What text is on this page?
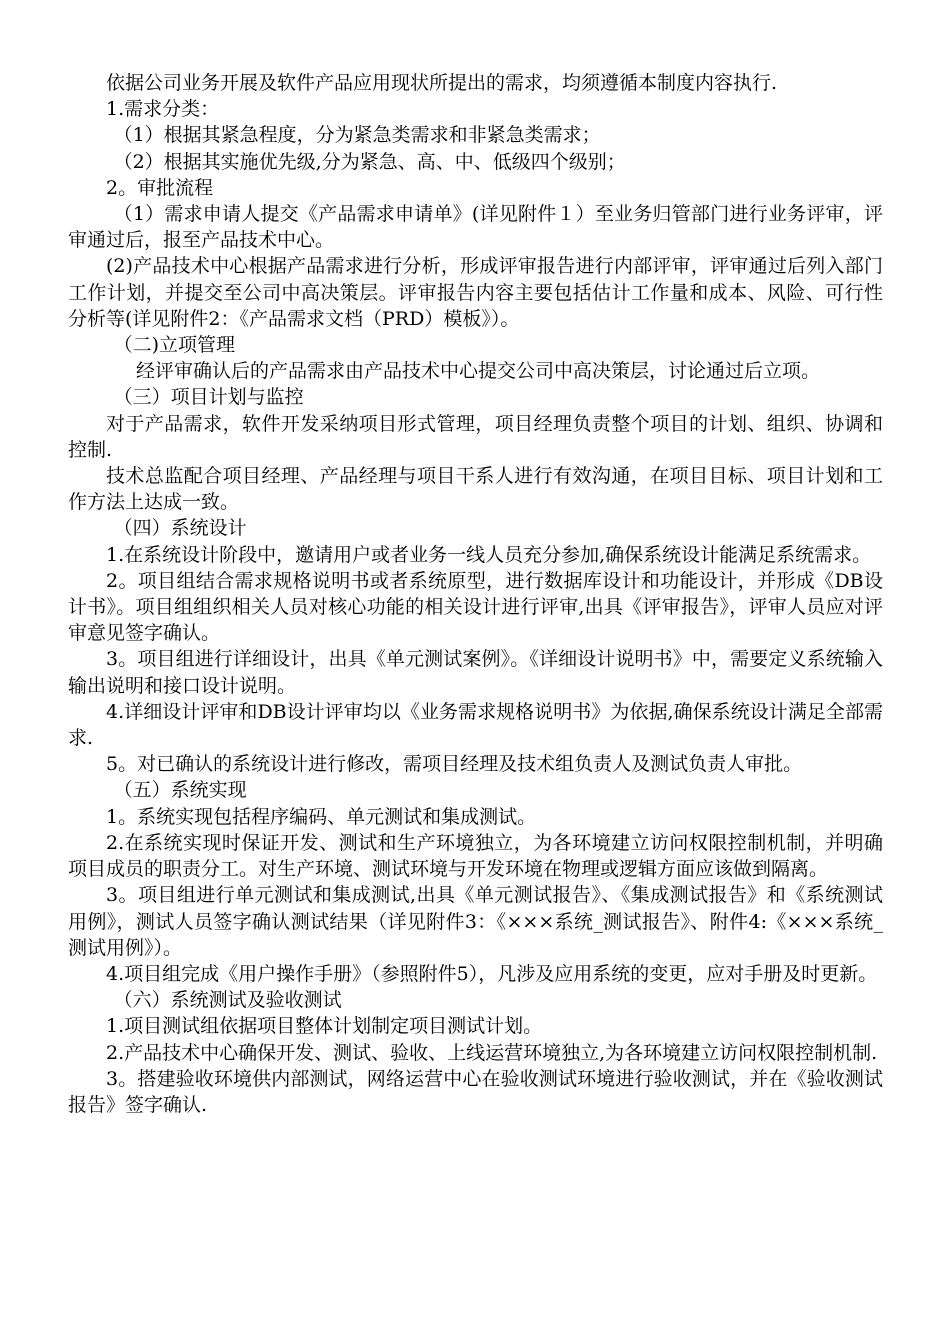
依据公司业务开展及软件产品应用现状所提出的需求，均须遵循本制度内容执行.

1.需求分类：

（1）根据其紧急程度，分为紧急类需求和非紧急类需求；

（2）根据其实施优先级,分为紧急、高、中、低级四个级别；

2。审批流程

（1）需求申请人提交《产品需求申请单》(详见附件１）至业务归管部门进行业务评审，评审通过后，报至产品技术中心。

(2)产品技术中心根据产品需求进行分析，形成评审报告进行内部评审，评审通过后列入部门工作计划，并提交至公司中高决策层。评审报告内容主要包括估计工作量和成本、风险、可行性分析等(详见附件2：《产品需求文档（PRD）模板》）。

（二)立项管理

经评审确认后的产品需求由产品技术中心提交公司中高决策层，讨论通过后立项。

（三）项目计划与监控

对于产品需求，软件开发采纳项目形式管理，项目经理负责整个项目的计划、组织、协调和控制.

技术总监配合项目经理、产品经理与项目干系人进行有效沟通，在项目目标、项目计划和工作方法上达成一致。

（四）系统设计

1.在系统设计阶段中，邀请用户或者业务一线人员充分参加,确保系统设计能满足系统需求。

2。项目组结合需求规格说明书或者系统原型，进行数据库设计和功能设计，并形成《DB设计书》。项目组组织相关人员对核心功能的相关设计进行评审,出具《评审报告》，评审人员应对评审意见签字确认。

3。项目组进行详细设计，出具《单元测试案例》。《详细设计说明书》中，需要定义系统输入输出说明和接口设计说明。

4.详细设计评审和DB设计评审均以《业务需求规格说明书》为依据,确保系统设计满足全部需求.

5。对已确认的系统设计进行修改，需项目经理及技术组负责人及测试负责人审批。

（五）系统实现

1。系统实现包括程序编码、单元测试和集成测试。

2.在系统实现时保证开发、测试和生产环境独立，为各环境建立访问权限控制机制，并明确项目成员的职责分工。对生产环境、测试环境与开发环境在物理或逻辑方面应该做到隔离。

3。项目组进行单元测试和集成测试,出具《单元测试报告》、《集成测试报告》和《系统测试用例》，测试人员签字确认测试结果（详见附件3：《×××系统_测试报告》、附件4:《×××系统_测试用例》）。

4.项目组完成《用户操作手册》（参照附件5），凡涉及应用系统的变更，应对手册及时更新。

（六）系统测试及验收测试

1.项目测试组依据项目整体计划制定项目测试计划。

2.产品技术中心确保开发、测试、验收、上线运营环境独立,为各环境建立访问权限控制机制.

3。搭建验收环境供内部测试，网络运营中心在验收测试环境进行验收测试，并在《验收测试报告》签字确认.
